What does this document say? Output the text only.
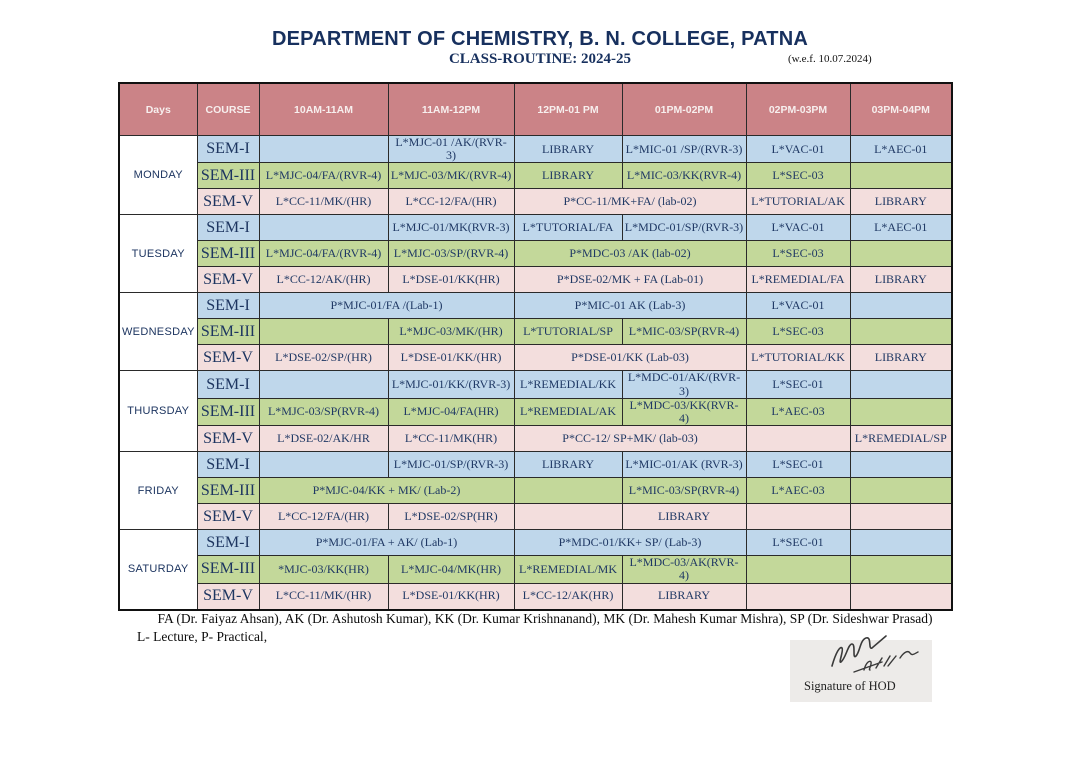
DEPARTMENT OF CHEMISTRY, B. N. COLLEGE, PATNA
CLASS-ROUTINE: 2024-25	(w.e.f. 10.07.2024)
Days	COURSE	10AM-11AM	11AM-12PM	12PM-01 PM	01PM-02PM	02PM-03PM	03PM-04PM
MONDAY	SEM-I		L*MJC-01 /AK/(RVR-3)	LIBRARY	L*MIC-01 /SP/(RVR-3)	L*VAC-01	L*AEC-01
	SEM-III	L*MJC-04/FA/(RVR-4)	L*MJC-03/MK/(RVR-4)	LIBRARY	L*MIC-03/KK(RVR-4)	L*SEC-03	
	SEM-V	L*CC-11/MK/(HR)	L*CC-12/FA/(HR)	P*CC-11/MK+FA/ (lab-02)		L*TUTORIAL/AK	LIBRARY
TUESDAY	SEM-I		L*MJC-01/MK(RVR-3)	L*TUTORIAL/FA	L*MDC-01/SP/(RVR-3)	L*VAC-01	L*AEC-01
	SEM-III	L*MJC-04/FA/(RVR-4)	L*MJC-03/SP/(RVR-4)	P*MDC-03 /AK (lab-02)		L*SEC-03	
	SEM-V	L*CC-12/AK/(HR)	L*DSE-01/KK(HR)	P*DSE-02/MK + FA (Lab-01)		L*REMEDIAL/FA	LIBRARY
WEDNESDAY	SEM-I	P*MJC-01/FA /(Lab-1)		P*MIC-01 AK (Lab-3)		L*VAC-01	
	SEM-III		L*MJC-03/MK/(HR)	L*TUTORIAL/SP	L*MIC-03/SP(RVR-4)	L*SEC-03	
	SEM-V	L*DSE-02/SP/(HR)	L*DSE-01/KK/(HR)	P*DSE-01/KK (Lab-03)		L*TUTORIAL/KK	LIBRARY
THURSDAY	SEM-I		L*MJC-01/KK/(RVR-3)	L*REMEDIAL/KK	L*MDC-01/AK/(RVR-3)	L*SEC-01	
	SEM-III	L*MJC-03/SP(RVR-4)	L*MJC-04/FA(HR)	L*REMEDIAL/AK	L*MDC-03/KK(RVR-4)	L*AEC-03	
	SEM-V	L*DSE-02/AK/HR	L*CC-11/MK(HR)	P*CC-12/ SP+MK/ (lab-03)			L*REMEDIAL/SP
FRIDAY	SEM-I		L*MJC-01/SP/(RVR-3)	LIBRARY	L*MIC-01/AK (RVR-3)	L*SEC-01	
	SEM-III	P*MJC-04/KK + MK/ (Lab-2)			L*MIC-03/SP(RVR-4)	L*AEC-03	
	SEM-V	L*CC-12/FA/(HR)	L*DSE-02/SP(HR)		LIBRARY		
SATURDAY	SEM-I	P*MJC-01/FA + AK/ (Lab-1)		P*MDC-01/KK+ SP/ (Lab-3)		L*SEC-01	
	SEM-III	*MJC-03/KK(HR)	L*MJC-04/MK(HR)	L*REMEDIAL/MK	L*MDC-03/AK(RVR-4)		
	SEM-V	L*CC-11/MK/(HR)	L*DSE-01/KK(HR)	L*CC-12/AK(HR)	LIBRARY		
FA (Dr. Faiyaz Ahsan), AK (Dr. Ashutosh Kumar), KK (Dr. Kumar Krishnanand), MK (Dr. Mahesh Kumar Mishra), SP (Dr. Sideshwar Prasad)
L- Lecture, P- Practical,
Signature of HOD
